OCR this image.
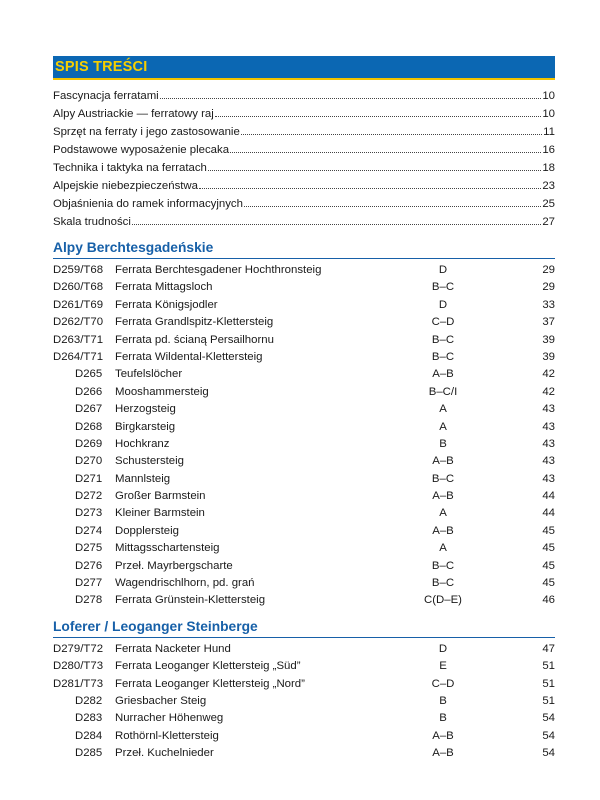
SPIS TREŚCI
Fascynacja ferratami	10
Alpy Austriackie — ferratowy raj	10
Sprzęt na ferraty i jego zastosowanie	11
Podstawowe wyposażenie plecaka	16
Technika i taktyka na ferratach	18
Alpejskie niebezpieczeństwa	23
Objaśnienia do ramek informacyjnych	25
Skala trudności	27
Alpy Berchtesgadeńskie
D259/T68 Ferrata Berchtesgadener Hochthronsteig	D	29
D260/T68 Ferrata Mittagsloch	B–C	29
D261/T69 Ferrata Königsjodler	D	33
D262/T70 Ferrata Grandlspitz-Klettersteig	C–D	37
D263/T71 Ferrata pd. ścianą Persailhornu	B–C	39
D264/T71 Ferrata Wildental-Klettersteig	B–C	39
D265 Teufelslöcher	A–B	42
D266 Mooshammersteig	B–C/I	42
D267 Herzogsteig	A	43
D268 Birgkarsteig	A	43
D269 Hochkranz	B	43
D270 Schustersteig	A–B	43
D271 Mannlsteig	B–C	43
D272 Großer Barmstein	A–B	44
D273 Kleiner Barmstein	A	44
D274 Dopplersteig	A–B	45
D275 Mittagsschartensteig	A	45
D276 Przeł. Mayrbergscharte	B–C	45
D277 Wagendrischlhorn, pd. grań	B–C	45
D278 Ferrata Grünstein-Klettersteig	C(D–E)	46
Loferer / Leoganger Steinberge
D279/T72 Ferrata Nacketer Hund	D	47
D280/T73 Ferrata Leoganger Klettersteig „Süd”	E	51
D281/T73 Ferrata Leoganger Klettersteig „Nord”	C–D	51
D282 Griesbacher Steig	B	51
D283 Nurracher Höhenweg	B	54
D284 Rothörnl-Klettersteig	A–B	54
D285 Przeł. Kuchelnieder	A–B	54
